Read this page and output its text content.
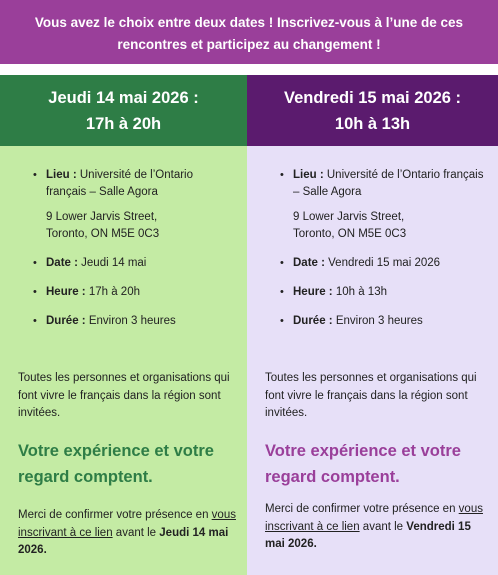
Vous avez le choix entre deux dates ! Inscrivez-vous à l’une de ces
rencontres et participez au changement !
Jeudi 14 mai 2026 :
17h à 20h
• Lieu : Université de l’Ontario français – Salle Agora
9 Lower Jarvis Street,
Toronto, ON M5E 0C3
• Date : Jeudi 14 mai
• Heure : 17h à 20h
• Durée : Environ 3 heures
Toutes les personnes et organisations qui font vivre le français dans la région sont invitées.
Votre expérience et votre regard comptent.
Merci de confirmer votre présence en vous inscrivant à ce lien avant le Jeudi 14 mai 2026.
Vendredi 15 mai 2026 :
10h à 13h
• Lieu : Université de l’Ontario français – Salle Agora
9 Lower Jarvis Street,
Toronto, ON M5E 0C3
• Date : Vendredi 15 mai 2026
• Heure : 10h à 13h
• Durée : Environ 3 heures
Toutes les personnes et organisations qui font vivre le français dans la région sont invitées.
Votre expérience et votre regard comptent.
Merci de confirmer votre présence en vous inscrivant à ce lien avant le Vendredi 15 mai 2026.
